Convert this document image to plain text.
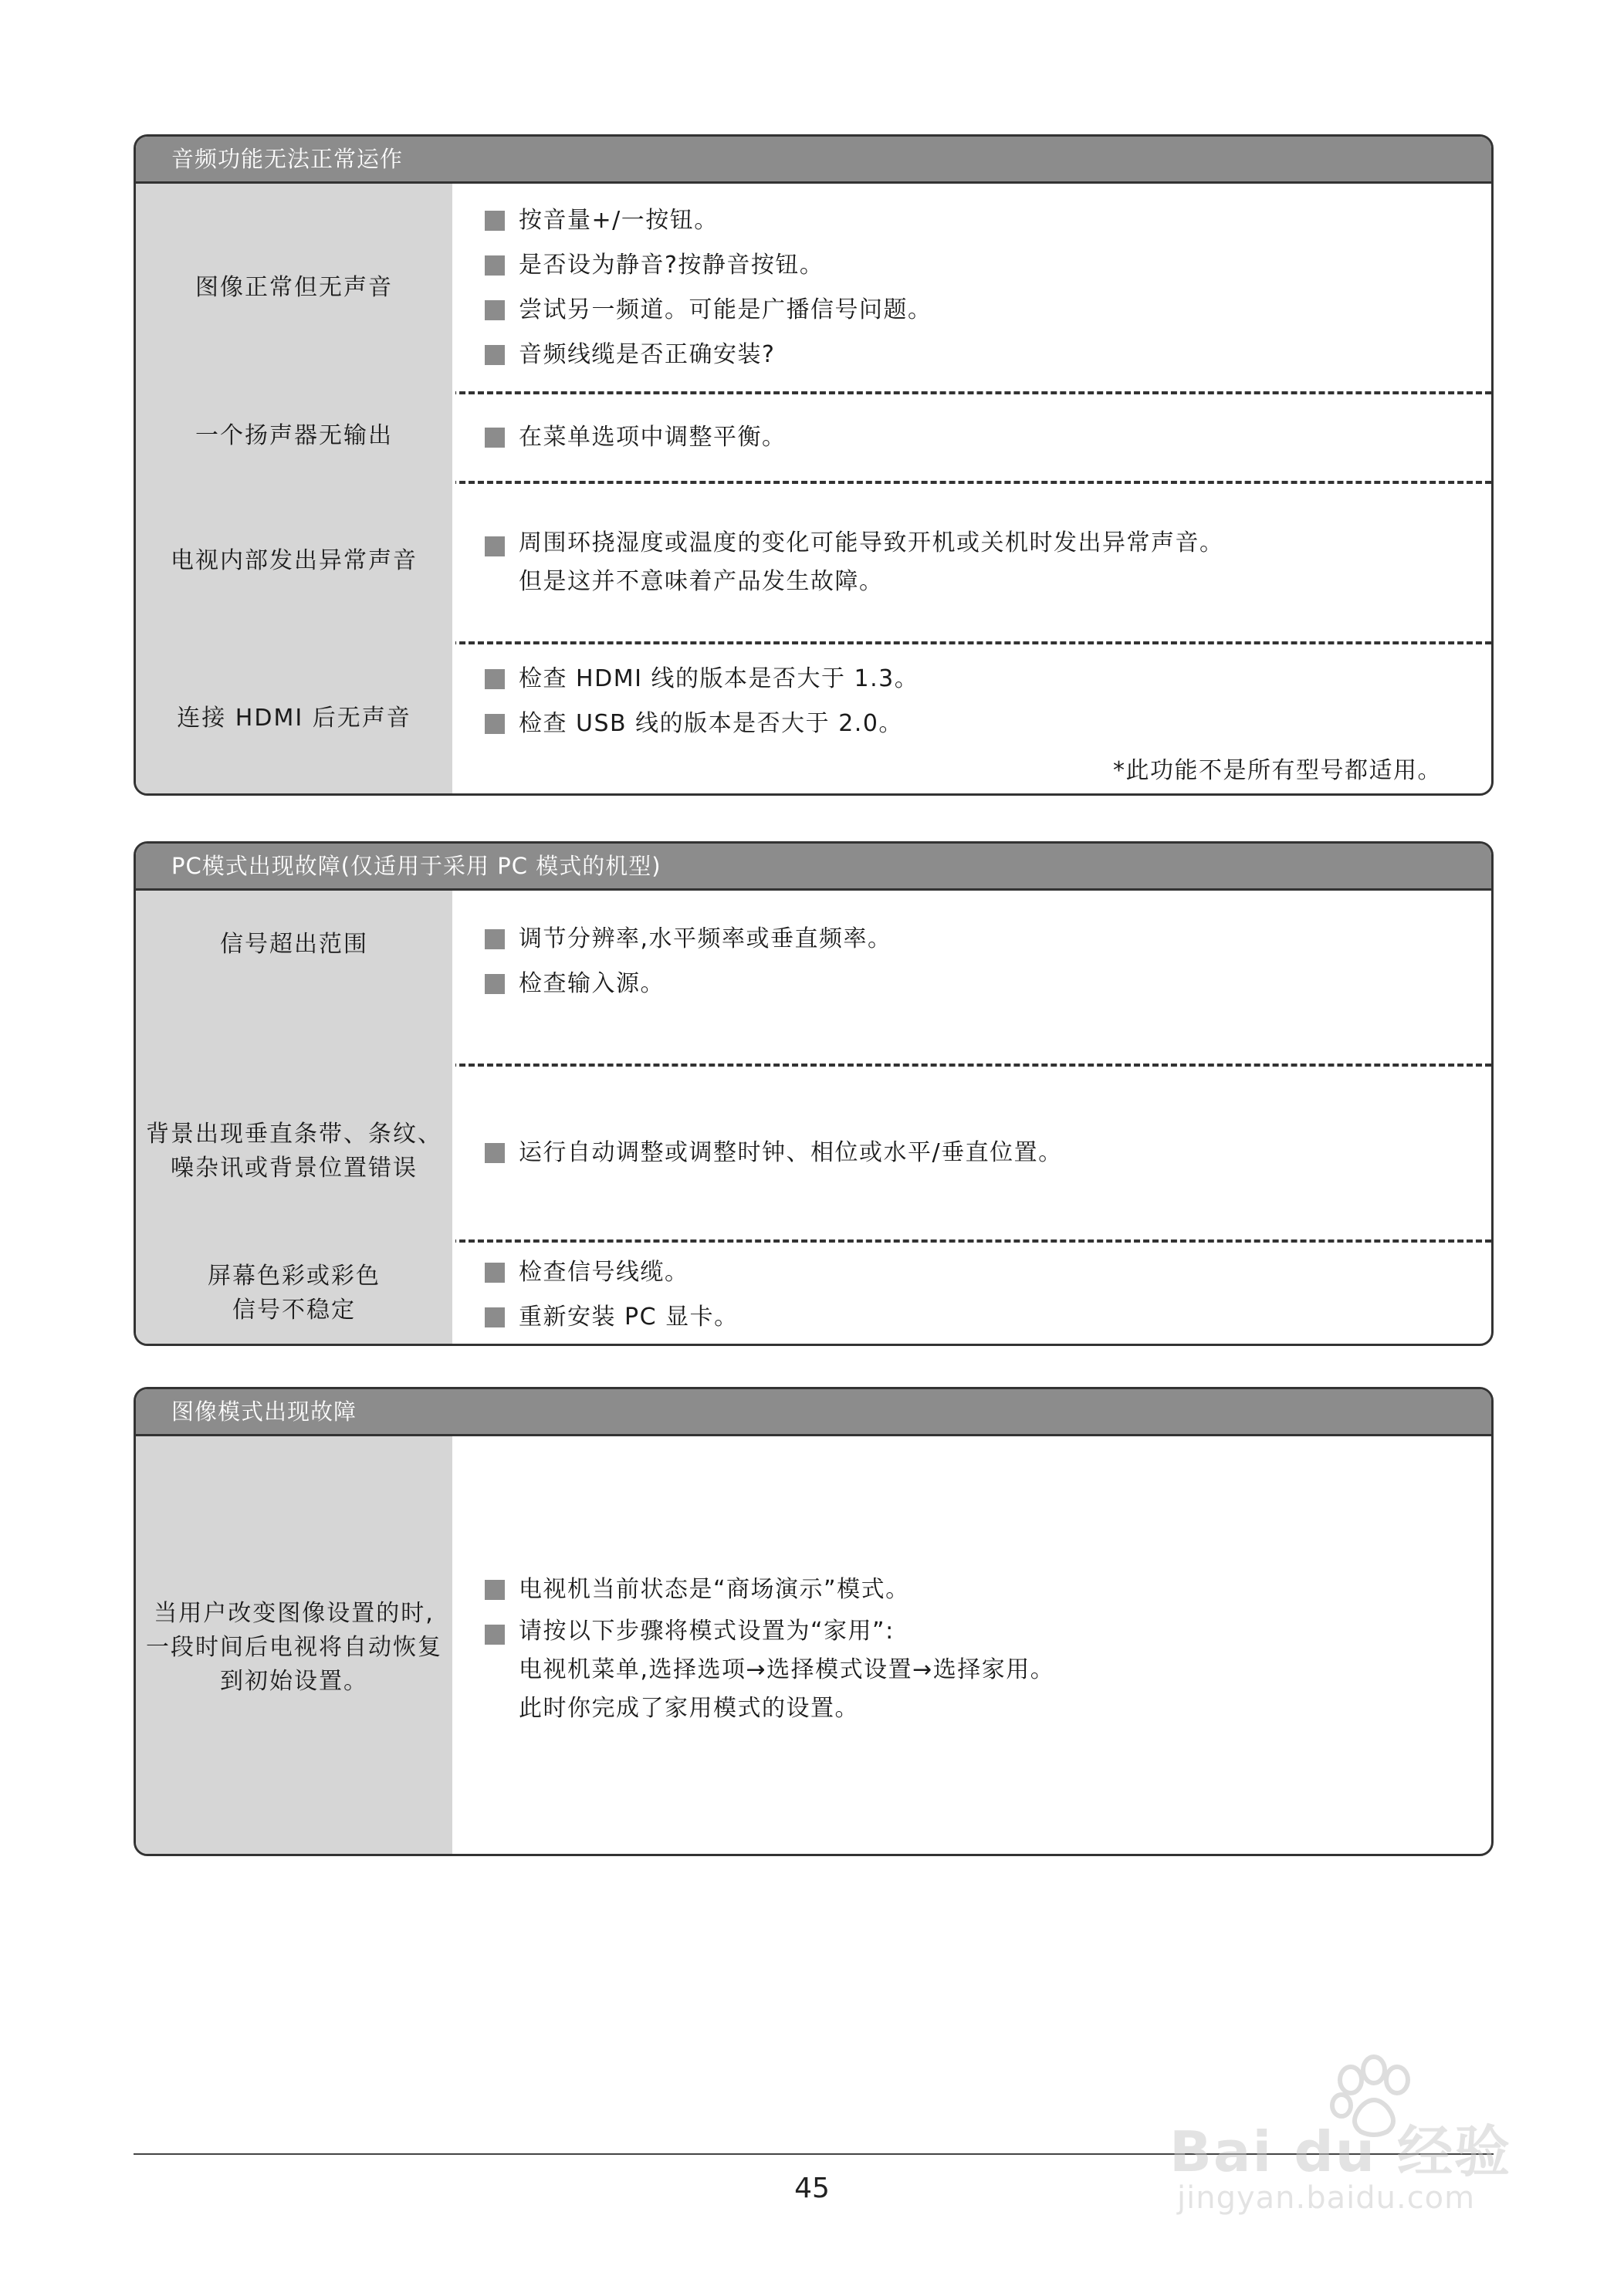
音频功能无法正常运作
图像正常但无声音
按音量+/一按钮。
是否设为静音?按静音按钮。
尝试另一频道。可能是广播信号问题。
音频线缆是否正确安装?
一个扬声器无输出	在菜单选项中调整平衡。
电视内部发出异常声音
周围环挠湿度或温度的变化可能导致开机或关机时发出异常声音。
但是这并不意味着产品发生故障。
连接 HDMI 后无声音
检查 HDMI 线的版本是否大于 1.3。
检查 USB 线的版本是否大于 2.0。
*此功能不是所有型号都适用。
PC模式出现故障(仅适用于采用 PC 模式的机型)
信号超出范围	调节分辨率,水平频率或垂直频率。
检查输入源。
背景出现垂直条带、条纹、
噪杂讯或背景位置错误
运行自动调整或调整时钟、相位或水平/垂直位置。
屏幕色彩或彩色
信号不稳定
检查信号线缆。
重新安装 PC 显卡。
图像模式出现故障
当用户改变图像设置的时,
一段时间后电视将自动恢复
到初始设置。
电视机当前状态是“商场演示”模式。
请按以下步骤将模式设置为“家用”:
电视机菜单,选择选项→选择模式设置→选择家用。
此时你完成了家用模式的设置。
45
Bai du 经验
jingyan.baidu.com
